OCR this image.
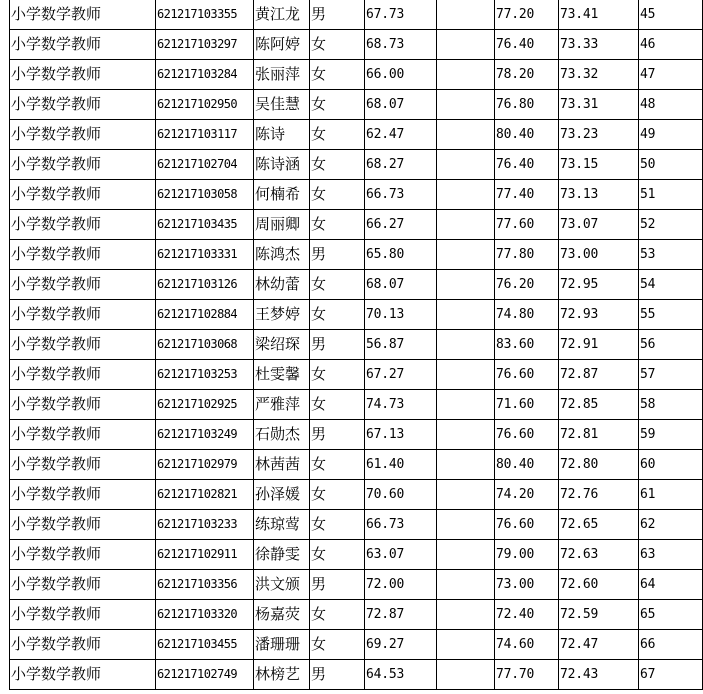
小学数学教师	621217103355	黄江龙	男	67.73		77.20	73.41	45
小学数学教师	621217103297	陈阿婷	女	68.73		76.40	73.33	46
小学数学教师	621217103284	张丽萍	女	66.00		78.20	73.32	47
小学数学教师	621217102950	吴佳慧	女	68.07		76.80	73.31	48
小学数学教师	621217103117	陈诗	女	62.47		80.40	73.23	49
小学数学教师	621217102704	陈诗涵	女	68.27		76.40	73.15	50
小学数学教师	621217103058	何楠希	女	66.73		77.40	73.13	51
小学数学教师	621217103435	周丽卿	女	66.27		77.60	73.07	52
小学数学教师	621217103331	陈鸿杰	男	65.80		77.80	73.00	53
小学数学教师	621217103126	林幼蕾	女	68.07		76.20	72.95	54
小学数学教师	621217102884	王梦婷	女	70.13		74.80	72.93	55
小学数学教师	621217103068	梁绍琛	男	56.87		83.60	72.91	56
小学数学教师	621217103253	杜雯馨	女	67.27		76.60	72.87	57
小学数学教师	621217102925	严雅萍	女	74.73		71.60	72.85	58
小学数学教师	621217103249	石勋杰	男	67.13		76.60	72.81	59
小学数学教师	621217102979	林茜茜	女	61.40		80.40	72.80	60
小学数学教师	621217102821	孙泽媛	女	70.60		74.20	72.76	61
小学数学教师	621217103233	练琼莺	女	66.73		76.60	72.65	62
小学数学教师	621217102911	徐静雯	女	63.07		79.00	72.63	63
小学数学教师	621217103356	洪文颁	男	72.00		73.00	72.60	64
小学数学教师	621217103320	杨嘉荧	女	72.87		72.40	72.59	65
小学数学教师	621217103455	潘珊珊	女	69.27		74.60	72.47	66
小学数学教师	621217102749	林榜艺	男	64.53		77.70	72.43	67
